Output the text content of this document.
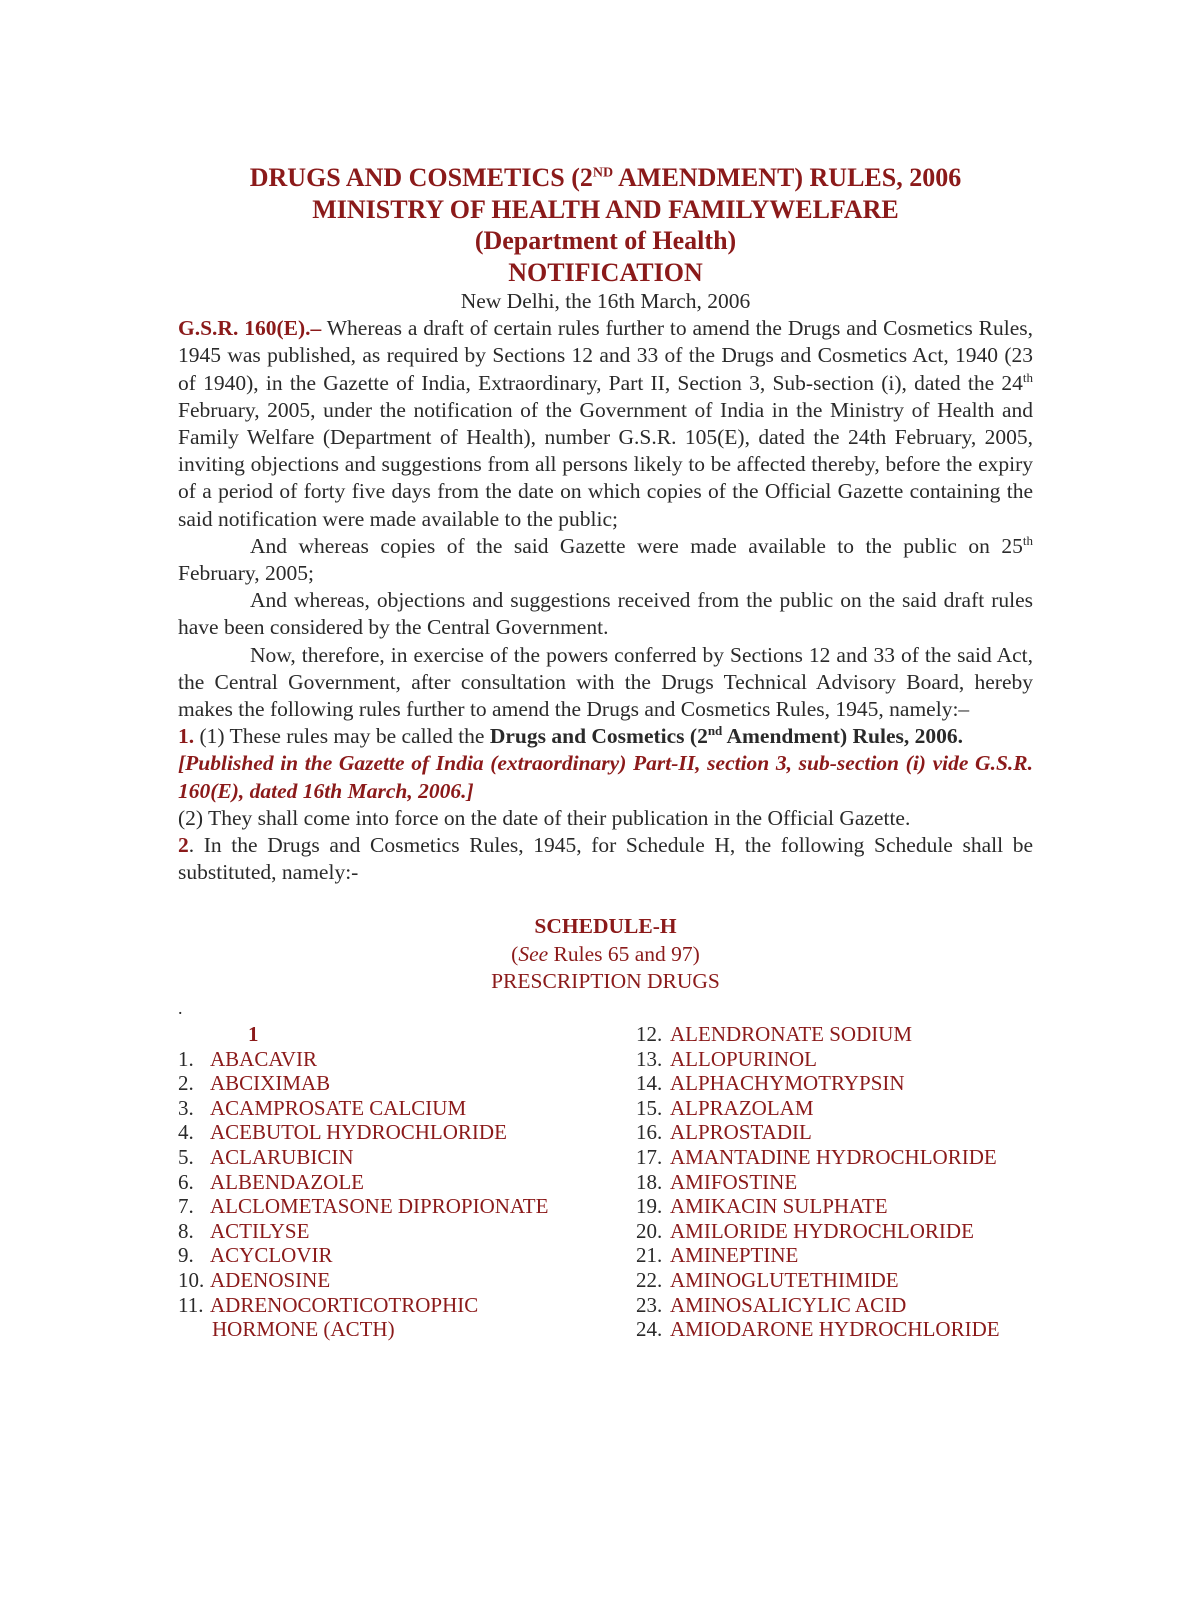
DRUGS AND COSMETICS (2ND AMENDMENT) RULES, 2006
MINISTRY OF HEALTH AND FAMILYWELFARE
(Department of Health)
NOTIFICATION
New Delhi, the 16th March, 2006

G.S.R. 160(E).– Whereas a draft of certain rules further to amend the Drugs and Cosmetics Rules, 1945 was published, as required by Sections 12 and 33 of the Drugs and Cosmetics Act, 1940 (23 of 1940), in the Gazette of India, Extraordinary, Part II, Section 3, Sub-section (i), dated the 24th February, 2005, under the notification of the Government of India in the Ministry of Health and Family Welfare (Department of Health), number G.S.R. 105(E), dated the 24th February, 2005, inviting objections and suggestions from all persons likely to be affected thereby, before the expiry of a period of forty five days from the date on which copies of the Official Gazette containing the said notification were made available to the public;

And whereas copies of the said Gazette were made available to the public on 25th February, 2005;

And whereas, objections and suggestions received from the public on the said draft rules have been considered by the Central Government.

Now, therefore, in exercise of the powers conferred by Sections 12 and 33 of the said Act, the Central Government, after consultation with the Drugs Technical Advisory Board, hereby makes the following rules further to amend the Drugs and Cosmetics Rules, 1945, namely:–

1. (1) These rules may be called the Drugs and Cosmetics (2nd Amendment) Rules, 2006.

[Published in the Gazette of India (extraordinary) Part-II, section 3, sub-section (i) vide G.S.R. 160(E), dated 16th March, 2006.]

(2) They shall come into force on the date of their publication in the Official Gazette.

2. In the Drugs and Cosmetics Rules, 1945, for Schedule H, the following Schedule shall be substituted, namely:-

SCHEDULE-H
(See Rules 65 and 97)
PRESCRIPTION DRUGS
.
1
1. ABACAVIR
2. ABCIXIMAB
3. ACAMPROSATE CALCIUM
4. ACEBUTOL HYDROCHLORIDE
5. ACLARUBICIN
6. ALBENDAZOLE
7. ALCLOMETASONE DIPROPIONATE
8. ACTILYSE
9. ACYCLOVIR
10. ADENOSINE
11. ADRENOCORTICOTROPHIC
HORMONE (ACTH)
12. ALENDRONATE SODIUM
13. ALLOPURINOL
14. ALPHACHYMOTRYPSIN
15. ALPRAZOLAM
16. ALPROSTADIL
17. AMANTADINE HYDROCHLORIDE
18. AMIFOSTINE
19. AMIKACIN SULPHATE
20. AMILORIDE HYDROCHLORIDE
21. AMINEPTINE
22. AMINOGLUTETHIMIDE
23. AMINOSALICYLIC ACID
24. AMIODARONE HYDROCHLORIDE
